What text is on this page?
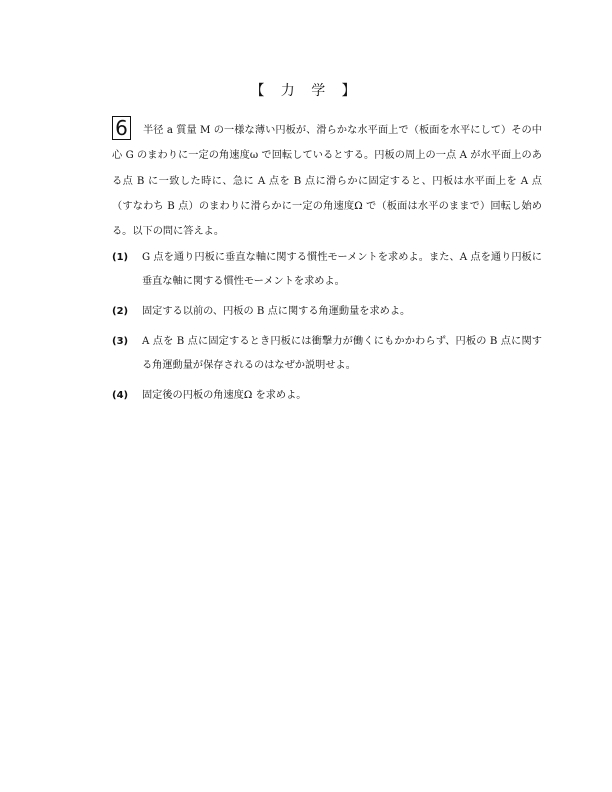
【 力 学 】
6	半径 a 質量 M の一様な薄い円板が、滑らかな水平面上で（板面を水平にして）その中心 G のまわりに一定の角速度ω で回転しているとする。円板の周上の一点 A が水平面上のある点 B に一致した時に、急に A 点を B 点に滑らかに固定すると、円板は水平面上を A 点（すなわち B 点）のまわりに滑らかに一定の角速度Ω で（板面は水平のままで）回転し始める。以下の問に答えよ。

(1)	G 点を通り円板に垂直な軸に関する慣性モーメントを求めよ。また、A 点を通り円板に垂直な軸に関する慣性モーメントを求めよ。
(2)	固定する以前の、円板の B 点に関する角運動量を求めよ。
(3)	A 点を B 点に固定するとき円板には衝撃力が働くにもかかわらず、円板の B 点に関する角運動量が保存されるのはなぜか説明せよ。
(4)	固定後の円板の角速度Ω を求めよ。
